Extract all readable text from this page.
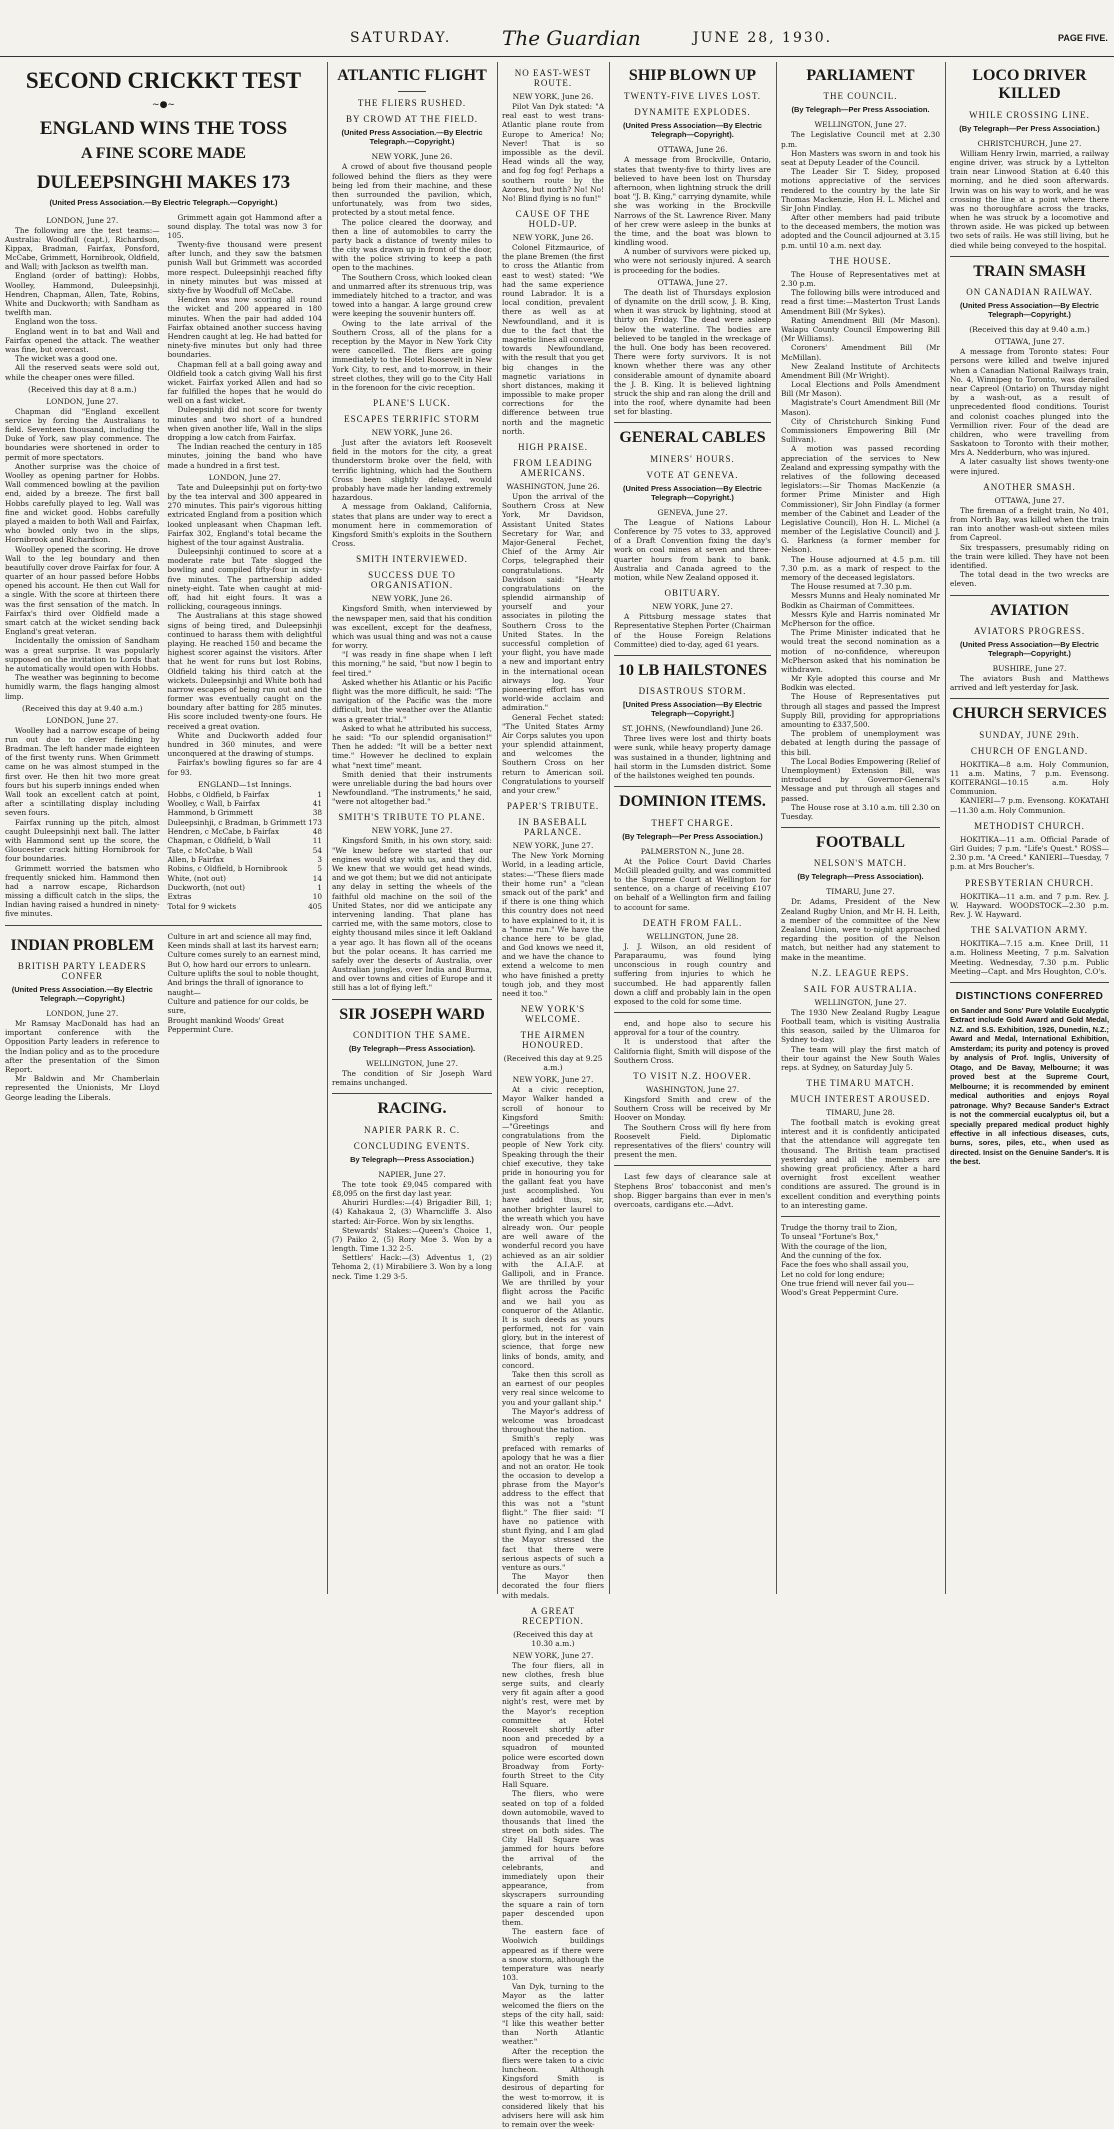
SATURDAY.	The Guardian	JUNE 28, 1930.	PAGE FIVE.
SECOND CRICKKT TEST
~●~
ENGLAND WINS THE TOSS
A FINE SCORE MADE
DULEEPSINGHI MAKES 173
(United Press Association.—By Electric Telegraph.—Copyright.)
LONDON, June 27.

The following are the test teams:— Australia: Woodfull (capt.), Richardson, Kippax, Bradman, Fairfax, Ponsford, McCabe, Grimmett, Hornibrook, Oldfield, and Wall; with Jackson as twelfth man.

England (order of batting): Hobbs, Woolley, Hammond, Duleepsinhji, Hendren, Chapman, Allen, Tate, Robins, White and Duckworth; with Sandham as twelfth man.

England won the toss.

England went in to bat and Wall and Fairfax opened the attack. The weather was fine, but overcast.

The wicket was a good one.

All the reserved seats were sold out, while the cheaper ones were filled.

(Received this day at 8 a.m.)
LONDON, June 27.

Chapman did "England excellent service by forcing the Australians to field. Seventeen thousand, including the Duke of York, saw play commence. The boundaries were shortened in order to permit of more spectators.

Another surprise was the choice of Woolley as opening partner for Hobbs. Wall commenced bowling at the pavilion end, aided by a breeze. The first ball Hobbs carefully played to leg. Wall was fine and wicket good. Hobbs carefully played a maiden to both Wall and Fairfax, who bowled only two in the slips, Hornibrook and Richardson.

Woolley opened the scoring. He drove Wall to the leg boundary and then beautifully cover drove Fairfax for four. A quarter of an hour passed before Hobbs opened his account. He then cut Wall for a single. With the score at thirteen there was the first sensation of the match. In Fairfax's third over Oldfield made a smart catch at the wicket sending back England's great veteran.

Incidentally the omission of Sandham was a great surprise. It was popularly supposed on the invitation to Lords that he automatically would open with Hobbs.

The weather was beginning to become humidly warm, the flags hanging almost limp.

(Received this day at 9.40 a.m.)
LONDON, June 27.

Woolley had a narrow escape of being run out due to clever fielding by Bradman. The left hander made eighteen of the first twenty runs. When Grimmett came on he was almost stumped in the first over. He then hit two more great fours but his superb innings ended when Wall took an excellent catch at point, after a scintillating display including seven fours.

Fairfax running up the pitch, almost caught Duleepsinhji next ball. The latter with Hammond sent up the score, the Gloucester crack hitting Hornibrook for four boundaries.

Grimmett worried the batsmen who frequently snicked him. Hammond then had a narrow escape, Richardson missing a difficult catch in the slips, the Indian having raised a hundred in ninety-five minutes.

Grimmett again got Hammond after a sound display. The total was now 3 for 105.

Twenty-five thousand were present after lunch, and they saw the batsmen punish Wall but Grimmett was accorded more respect. Duleepsinhji reached fifty in ninety minutes but was missed at sixty-five by Woodfull off McCabe.

Hendren was now scoring all round the wicket and 200 appeared in 180 minutes. When the pair had added 104 Fairfax obtained another success having Hendren caught at leg. He had batted for ninety-five minutes but only had three boundaries.

Chapman fell at a ball going away and Oldfield took a catch giving Wall his first wicket. Fairfax yorked Allen and had so far fulfilled the hopes that he would do well on a fast wicket.

Duleepsinhji did not score for twenty minutes and two short of a hundred when given another life, Wall in the slips dropping a low catch from Fairfax.

The Indian reached the century in 185 minutes, joining the band who have made a hundred in a first test.

LONDON, June 27.

Tate and Duleepsinhji put on forty-two by the tea interval and 300 appeared in 270 minutes. This pair's vigorous hitting extricated England from a position which looked unpleasant when Chapman left. Fairfax 302, England's total became the highest of the tour against Australia.

Duleepsinhji continued to score at a moderate rate but Tate slogged the bowling and compiled fifty-four in sixty-five minutes. The partnership added ninety-eight. Tate when caught at mid-off, had hit eight fours. It was a rollicking, courageous innings.

The Australians at this stage showed signs of being tired, and Duleepsinhji continued to harass them with delightful playing. He reached 150 and became the highest scorer against the visitors. After that he went for runs but lost Robins, Oldfield taking his third catch at the wickets. Duleepsinhji and White both had narrow escapes of being run out and the former was eventually caught on the boundary after batting for 285 minutes. His score included twenty-one fours. He received a great ovation.

White and Duckworth added four hundred in 360 minutes, and were unconquered at the drawing of stumps.

Fairfax's bowling figures so far are 4 for 93.

ENGLAND—1st Innings.
Hobbs, c Oldfield, b Fairfax	1
Woolley, c Wall, b Fairfax	41
Hammond, b Grimmett	38
Duleepsinhji, c Bradman, b Grimmett 173
Hendren, c McCabe, b Fairfax	48
Chapman, c Oldfield, b Wall	11
Tate, c McCabe, b Wall	54
Allen, b Fairfax	3
Robins, c Oldfield, b Hornibrook	5
White, (not out)	14
Duckworth, (not out)	1
Extras	10
Total for 9 wickets	405
INDIAN PROBLEM
BRITISH PARTY LEADERS CONFER
(United Press Association.—By Electric Telegraph.—Copyright.)
LONDON, June 27.

Mr Ramsay MacDonald has had an important conference with the Opposition Party leaders in reference to the Indian policy and as to the procedure after the presentation of the Simon Report.

Mr Baldwin and Mr Chamberlain represented the Unionists, Mr Lloyd George leading the Liberals.

Culture in art and science all may find,
Keen minds shall at last its harvest earn;
Culture comes surely to an earnest mind,
But O, how hard our errors to unlearn.
Culture uplifts the soul to noble thought,
And brings the thrall of ignorance to naught—
Culture and patience for our colds, be sure,
Brought mankind Woods' Great Peppermint Cure.
ATLANTIC FLIGHT
THE FLIERS RUSHED.
BY CROWD AT THE FIELD.
(United Press Association.—By Electric Telegraph.—Copyright.)
NEW YORK, June 26.

A crowd of about five thousand people followed behind the fliers as they were being led from their machine, and these then surrounded the pavilion, which, unfortunately, was from two sides, protected by a stout metal fence.

The police cleared the doorway, and then a line of automobiles to carry the party back a distance of twenty miles to the city was drawn up in front of the door, with the police striving to keep a path open to the machines.

The Southern Cross, which looked clean and unmarred after its strenuous trip, was immediately hitched to a tractor, and was towed into a hangar. A large ground crew were keeping the souvenir hunters off.

Owing to the late arrival of the Southern Cross, all of the plans for a reception by the Mayor in New York City were cancelled. The fliers are going immediately to the Hotel Roosevelt in New York City, to rest, and to-morrow, in their street clothes, they will go to the City Hall in the forenoon for the civic reception.

PLANE'S LUCK.
ESCAPES TERRIFIC STORM
NEW YORK, June 26.

Just after the aviators left Roosevelt field in the motors for the city, a great thunderstorm broke over the field, with terrific lightning, which had the Southern Cross been slightly delayed, would probably have made her landing extremely hazardous.

A message from Oakland, California, states that plans are under way to erect a monument here in commemoration of Kingsford Smith's exploits in the Southern Cross.

SMITH INTERVIEWED.
SUCCESS DUE TO ORGANISATION.
NEW YORK, June 26.

Kingsford Smith, when interviewed by the newspaper men, said that his condition was excellent, except for the deafness, which was usual thing and was not a cause for worry.

"I was ready in fine shape when I left this morning," he said, "but now I begin to feel tired."

Asked whether his Atlantic or his Pacific flight was the more difficult, he said: "The navigation of the Pacific was the more difficult, but the weather over the Atlantic was a greater trial."

Asked to what he attributed his success, he said: "To our splendid organisation!" Then he added: "It will be a better next time." However he declined to explain what "next time" meant.

Smith denied that their instruments were unreliable during the bad hours over Newfoundland. "The instruments," he said, "were not altogether bad."

SMITH'S TRIBUTE TO PLANE.
NEW YORK, June 27.

Kingsford Smith, in his own story, said: "We knew before we started that our engines would stay with us, and they did. We knew that we would get head winds, and we got them; but we did not anticipate any delay in setting the wheels of the faithful old machine on the soil of the United States, nor did we anticipate any intervening landing. That plane has carried me, with the same motors, close to eighty thousand miles since it left Oakland a year ago. It has flown all of the oceans but the polar oceans. It has carried me safely over the deserts of Australia, over Australian jungles, over India and Burma, and over towns and cities of Europe and it still has a lot of flying left."

SIR JOSEPH WARD
CONDITION THE SAME.
(By Telegraph—Press Association).
WELLINGTON, June 27.

The condition of Sir Joseph Ward remains unchanged.

RACING.
NAPIER PARK R. C.
CONCLUDING EVENTS.
By Telegraph—Press Association.)
NAPIER, June 27.

The tote took £9,045 compared with £8,095 on the first day last year.

Ahuriri Hurdles:—(4) Brigadier Bill, 1; (4) Kahakaua 2, (3) Wharncliffe 3. Also started: Air-Force. Won by six lengths.

Stewards' Stakes:—Queen's Choice 1, (7) Paiko 2, (5) Rory Moe 3. Won by a length. Time 1.32 2-5.

Settlers' Hack:—(3) Adventus 1, (2) Tehoma 2, (1) Mirabiliere 3. Won by a long neck. Time 1.29 3-5.

NO EAST-WEST ROUTE.
NEW YORK, June 26.

Pilot Van Dyk stated: "A real east to west trans-Atlantic plane route from Europe to America! No; Never! That is so impossible as the devil. Head winds all the way, and fog fog fog! Perhaps a southern route by the Azores, but north? No! No! No! Blind flying is no fun!"

CAUSE OF THE HOLD-UP.
NEW YORK, June 26.

Colonel Fitzmaurice, of the plane Bremen (the first to cross the Atlantic from east to west) stated: "We had the same experience round Labrador. It is a local condition, prevalent there as well as at Newfoundland, and it is due to the fact that the magnetic lines all converge towards Newfoundland, with the result that you get big changes in the magnetic variations in short distances, making it impossible to make proper corrections for the difference between true north and the magnetic north.

HIGH PRAISE.
FROM LEADING AMERICANS.
WASHINGTON, June 26.

Upon the arrival of the Southern Cross at New York, Mr Davidson, Assistant United States Secretary for War, and Major-General Fechet, Chief of the Army Air Corps, telegraphed their congratulations. Mr Davidson said: "Hearty congratulations on the splendid airmanship of yourself and your associates in piloting the Southern Cross to the United States. In the successful completion of your flight, you have made a new and important entry in the international ocean airways log. Your pioneering effort has won world-wide acclaim and admiration."

General Fechet stated: "The United States Army Air Corps salutes you upon your splendid attainment, and welcomes the Southern Cross on her return to American soil. Congratulations to yourself and your crew."

PAPER'S TRIBUTE.
IN BASEBALL PARLANCE.
NEW YORK, June 27.

The New York Morning World, in a leading article, states:—"These fliers made their home run" a "clean smack out of the park" and if there is one thing which this country does not need to have explained to it, it is a "home run." We have the chance here to be glad, and God knows we need it, and we have the chance to extend a welcome to men who have finished a pretty tough job, and they most need it too."

NEW YORK'S WELCOME.
THE AIRMEN HONOURED.
(Received this day at 9.25 a.m.)
NEW YORK, June 27.

At a civic reception, Mayor Walker handed a scroll of honour to Kingsford Smith:—"Greetings and congratulations from the people of New York city. Speaking through the their chief executive, they take pride in honouring you for the gallant feat you have just accomplished. You have added thus, sir, another brighter laurel to the wreath which you have already won. Our people are well aware of the wonderful record you have achieved as an air soldier with the A.I.A.F. at Gallipoli, and in France. We are thrilled by your flight across the Pacific and we hail you as conqueror of the Atlantic. It is such deeds as yours performed, not for vain glory, but in the interest of science, that forge new links of bonds, amity, and concord.

Take then this scroll as an earnest of our peoples very real since welcome to you and your gallant ship."

The Mayor's address of welcome was broadcast throughout the nation.

Smith's reply was prefaced with remarks of apology that he was a flier and not an orator. He took the occasion to develop a phrase from the Mayor's address to the effect that this was not a "stunt flight." The flier said: "I have no patience with stunt flying, and I am glad the Mayor stressed the fact that there were serious aspects of such a venture as ours."

The Mayor then decorated the four fliers with medals.

A GREAT RECEPTION.
(Received this day at 10.30 a.m.)
NEW YORK, June 27.

The four fliers, all in new clothes, fresh blue serge suits, and clearly very fit again after a good night's rest, were met by the Mayor's reception committee at Hotel Roosevelt shortly after noon and preceded by a squadron of mounted police were escorted down Broadway from Forty-fourth Street to the City Hall Square.

The fliers, who were seated on top of a folded down automobile, waved to thousands that lined the street on both sides. The City Hall Square was jammed for hours before the arrival of the celebrants, and immediately upon their appearance, from skyscrapers surrounding the square a rain of torn paper descended upon them.

The eastern face of Woolwich buildings appeared as if there were a snow storm, although the temperature was nearly 103.

Van Dyk, turning to the Mayor as the latter welcomed the fliers on the steps of the city hall, said: "I like this weather better than North Atlantic weather."

After the reception the fliers were taken to a civic luncheon. Although Kingsford Smith is desirous of departing for the west to-morrow, it is considered likely that his advisers here will ask him to remain over the week-

SHIP BLOWN UP
TWENTY-FIVE LIVES LOST.
DYNAMITE EXPLODES.
(United Press Association—By Electric Telegraph—Copyright).
OTTAWA, June 26.

A message from Brockville, Ontario, states that twenty-five to thirty lives are believed to have been lost on Thursday afternoon, when lightning struck the drill boat "J. B. King," carrying dynamite, while she was working in the Brockville Narrows of the St. Lawrence River. Many of her crew were asleep in the bunks at the time, and the boat was blown to kindling wood.

A number of survivors were picked up, who were not seriously injured. A search is proceeding for the bodies.

OTTAWA, June 27.

The death list of Thursdays explosion of dynamite on the drill scow, J. B. King, when it was struck by lightning, stood at thirty on Friday. The dead were asleep below the waterline. The bodies are believed to be tangled in the wreckage of the hull. One body has been recovered. There were forty survivors. It is not known whether there was any other considerable amount of dynamite aboard the J. B. King. It is believed lightning struck the ship and ran along the drill and into the roof, where dynamite had been set for blasting.

GENERAL CABLES
MINERS' HOURS.
VOTE AT GENEVA.
(United Press Association—By Electric Telegraph—Copyright.)
GENEVA, June 27.

The League of Nations Labour Conference by 75 votes to 33, approved of a Draft Convention fixing the day's work on coal mines at seven and three-quarter hours from bank to bank. Australia and Canada agreed to the motion, while New Zealand opposed it.

OBITUARY.
NEW YORK, June 27.

A Pittsburg message states that Representative Stephen Porter (Chairman of the House Foreign Relations Committee) died to-day, aged 61 years.

10 LB HAILSTONES
DISASTROUS STORM.
[United Press Association—By Electric Telegraph—Copyright.]
ST. JOHNS, (Newfoundland) June 26.

Three lives were lost and thirty boats were sunk, while heavy property damage was sustained in a thunder, lightning and hail storm in the Lumsden district. Some of the hailstones weighed ten pounds.

DOMINION ITEMS.
THEFT CHARGE.
(By Telegraph—Per Press Association.)
PALMERSTON N., June 28.

At the Police Court David Charles McGill pleaded guilty, and was committed to the Supreme Court at Wellington for sentence, on a charge of receiving £107 on behalf of a Wellington firm and failing to account for same.

DEATH FROM FALL.
WELLINGTON, June 28.

J. J. Wilson, an old resident of Paraparaumu, was found lying unconscious in rough country and suffering from injuries to which he succumbed. He had apparently fallen down a cliff and probably lain in the open exposed to the cold for some time.

end, and hope also to secure his approval for a tour of the country.

It is understood that after the California flight, Smith will dispose of the Southern Cross.

TO VISIT N.Z. HOOVER.
WASHINGTON, June 27.

Kingsford Smith and crew of the Southern Cross will be received by Mr Hoover on Monday.

The Southern Cross will fly here from Roosevelt Field. Diplomatic representatives of the fliers' country will present the men.

Last few days of clearance sale at Stephens Bros' tobacconist and men's shop. Bigger bargains than ever in men's overcoats, cardigans etc.—Advt.

PARLIAMENT
THE COUNCIL.
(By Telegraph—Per Press Association.
WELLINGTON, June 27.

The Legislative Council met at 2.30 p.m.

Hon Masters was sworn in and took his seat at Deputy Leader of the Council.

The Leader Sir T. Sidey, proposed motions appreciative of the services rendered to the country by the late Sir Thomas Mackenzie, Hon H. L. Michel and Sir John Findlay.

After other members had paid tribute to the deceased members, the motion was adopted and the Council adjourned at 3.15 p.m. until 10 a.m. next day.

THE HOUSE.

The House of Representatives met at 2.30 p.m.

The following bills were introduced and read a first time:—Masterton Trust Lands Amendment Bill (Mr Sykes).

Rating Amendment Bill (Mr Mason). Waiapu County Council Empowering Bill (Mr Williams).

Coroners' Amendment Bill (Mr McMillan).

New Zealand Institute of Architects Amendment Bill (Mr Wright).

Local Elections and Polls Amendment Bill (Mr Mason).

Magistrate's Court Amendment Bill (Mr Mason).

City of Christchurch Sinking Fund Commissioners Empowering Bill (Mr Sullivan).

A motion was passed recording appreciation of the services to New Zealand and expressing sympathy with the relatives of the following deceased legislators:—Sir Thomas MacKenzie (a former Prime Minister and High Commissioner), Sir John Findlay (a former member of the Cabinet and Leader of the Legislative Council), Hon H. L. Michel (a member of the Legislative Council) and J. G. Harkness (a former member for Nelson).

The House adjourned at 4.5 p.m. till 7.30 p.m. as a mark of respect to the memory of the deceased legislators.

The House resumed at 7.30 p.m.

Messrs Munns and Healy nominated Mr Bodkin as Chairman of Committees.

Messrs Kyle and Harris nominated Mr McPherson for the office.

The Prime Minister indicated that he would treat the second nomination as a motion of no-confidence, whereupon McPherson asked that his nomination be withdrawn.

Mr Kyle adopted this course and Mr Bodkin was elected.

The House of Representatives put through all stages and passed the Imprest Supply Bill, providing for appropriations amounting to £337,500.

The problem of unemployment was debated at length during the passage of this bill.

The Local Bodies Empowering (Relief of Unemployment) Extension Bill, was introduced by Governor-General's Message and put through all stages and passed.

The House rose at 3.10 a.m. till 2.30 on Tuesday.

FOOTBALL
NELSON'S MATCH.
(By Telegraph—Press Association).
TIMARU, June 27.

Dr. Adams, President of the New Zealand Rugby Union, and Mr H. H. Leith, a member of the committee of the New Zealand Union, were to-night approached regarding the position of the Nelson match, but neither had any statement to make in the meantime.

N.Z. LEAGUE REPS.
SAIL FOR AUSTRALIA.
WELLINGTON, June 27.

The 1930 New Zealand Rugby League Football team, which is visiting Australia this season, sailed by the Ulimaroa for Sydney to-day.

The team will play the first match of their tour against the New South Wales reps. at Sydney, on Saturday July 5.

THE TIMARU MATCH.
MUCH INTEREST AROUSED.
TIMARU, June 28.

The football match is evoking great interest and it is confidently anticipated that the attendance will aggregate ten thousand. The British team practised yesterday and all the members are showing great proficiency. After a hard overnight frost excellent weather conditions are assured. The ground is in excellent condition and everything points to an interesting game.

Trudge the thorny trail to Zion,
To unseal "Fortune's Box,"
With the courage of the lion,
And the cunning of the fox.
Face the foes who shall assail you,
Let no cold for long endure;
One true friend will never fail you—
Wood's Great Peppermint Cure.
LOCO DRIVER KILLED
WHILE CROSSING LINE.
(By Telegraph—Per Press Association.)
CHRISTCHURCH, June 27.

William Henry Irwin, married, a railway engine driver, was struck by a Lyttelton train near Linwood Station at 6.40 this morning, and he died soon afterwards. Irwin was on his way to work, and he was crossing the line at a point where there was no thoroughfare across the tracks, when he was struck by a locomotive and thrown aside. He was picked up between two sets of rails. He was still living, but he died while being conveyed to the hospital.

TRAIN SMASH
ON CANADIAN RAILWAY.
(United Press Association—By Electric Telegraph—Copyright.)
(Received this day at 9.40 a.m.)
OTTAWA, June 27.

A message from Toronto states: Four persons were killed and twelve injured when a Canadian National Railways train, No. 4, Winnipeg to Toronto, was derailed near Capreol (Ontario) on Thursday night by a wash-out, as a result of unprecedented flood conditions. Tourist and colonist coaches plunged into the Vermillion river. Four of the dead are children, who were travelling from Saskatoon to Toronto with their mother, Mrs A. Nedderburn, who was injured.

A later casualty list shows twenty-one were injured.

ANOTHER SMASH.
OTTAWA, June 27.

The fireman of a freight train, No 401, from North Bay, was killed when the train ran into another wash-out sixteen miles from Capreol.

Six trespassers, presumably riding on the train were killed. They have not been identified.

The total dead in the two wrecks are eleven.

AVIATION
AVIATORS PROGRESS.
(United Press Association—By Electric Telegraph—Copyright.)
BUSHIRE, June 27.

The aviators Bush and Matthews arrived and left yesterday for Jask.

CHURCH SERVICES
SUNDAY, JUNE 29th.
CHURCH OF ENGLAND.

HOKITIKA—8 a.m. Holy Communion, 11 a.m. Matins, 7 p.m. Evensong. KOITERANGI—10.15 a.m. Holy Communion.

KANIERI—7 p.m. Evensong. KOKATAHI—11.30 a.m. Holy Communion.

METHODIST CHURCH.

HOKITIKA—11 a.m. Official Parade of Girl Guides; 7 p.m. "Life's Quest." ROSS—2.30 p.m. "A Creed." KANIERI—Tuesday, 7 p.m. at Mrs Boucher's.

PRESBYTERIAN CHURCH.

HOKITIKA—11 a.m. and 7 p.m. Rev. J. W. Hayward. WOODSTOCK—2.30 p.m. Rev. J. W. Hayward.

THE SALVATION ARMY.

HOKITIKA—7.15 a.m. Knee Drill, 11 a.m. Holiness Meeting, 7 p.m. Salvation Meeting. Wednesday, 7.30 p.m. Public Meeting—Capt. and Mrs Houghton, C.O's.

DISTINCTIONS CONFERRED

on Sander and Sons' Pure Volatile Eucalyptic Extract include Gold Award and Gold Medal, N.Z. and S.S. Exhibition, 1926, Dunedin, N.Z.; Award and Medal, International Exhibition, Amsterdam; its purity and potency is proved by analysis of Prof. Inglis, University of Otago, and De Bavay, Melbourne; it was proved best at the Supreme Court, Melbourne; it is recommended by eminent medical authorities and enjoys Royal patronage. Why? Because Sander's Extract is not the commercial eucalyptus oil, but a specially prepared medical product highly effective in all infectious diseases, cuts, burns, sores, piles, etc., when used as directed. Insist on the Genuine Sander's. It is the best.
